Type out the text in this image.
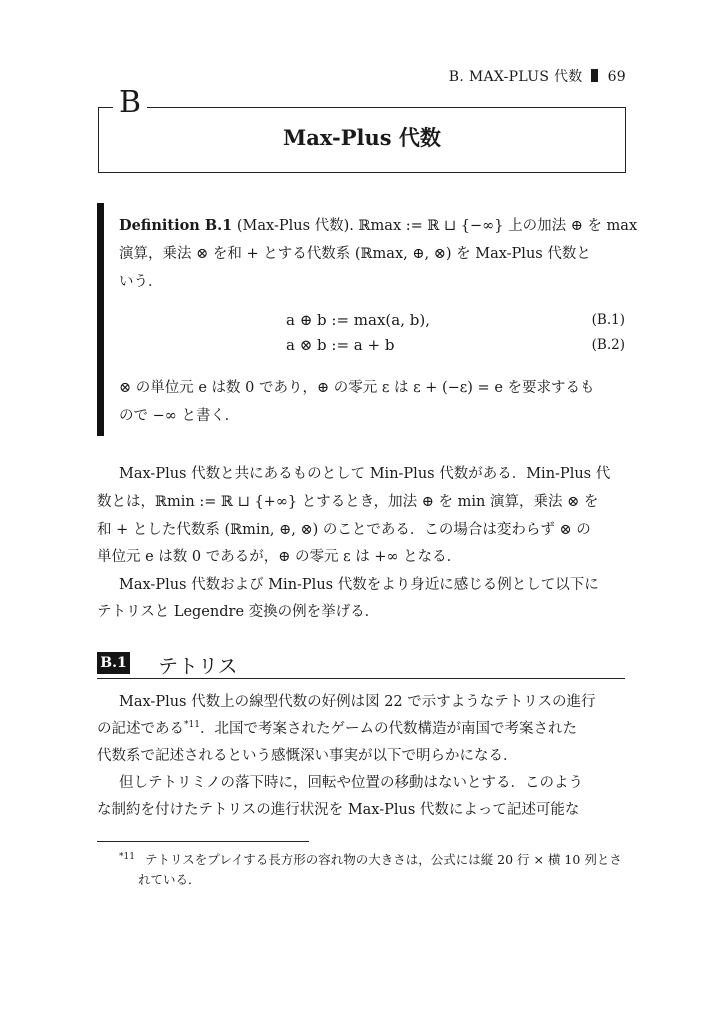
B. MAX-PLUS 代数 69
B
Max-Plus 代数
Definition B.1 (Max-Plus 代数). ℝmax := ℝ ⊔ {−∞} 上の加法 ⊕ を max
演算，乗法 ⊗ を和 + とする代数系 (ℝmax, ⊕, ⊗) を Max-Plus 代数と
いう．
a ⊕ b := max(a, b),	(B.1)
a ⊗ b := a + b	(B.2)
⊗ の単位元 e は数 0 であり，⊕ の零元 ε は ε + (−ε) = e を要求するも
ので −∞ と書く．
Max-Plus 代数と共にあるものとして Min-Plus 代数がある．Min-Plus 代
数とは，ℝmin := ℝ ⊔ {+∞} とするとき，加法 ⊕ を min 演算，乗法 ⊗ を
和 + とした代数系 (ℝmin, ⊕, ⊗) のことである．この場合は変わらず ⊗ の
単位元 e は数 0 であるが，⊕ の零元 ε は +∞ となる．
Max-Plus 代数および Min-Plus 代数をより身近に感じる例として以下に
テトリスと Legendre 変換の例を挙げる．
B.1 テトリス
Max-Plus 代数上の線型代数の好例は図 22 で示すようなテトリスの進行
の記述である$^{*11}$．北国で考案されたゲームの代数構造が南国で考案された
代数系で記述されるという感慨深い事実が以下で明らかになる．
但しテトリミノの落下時に，回転や位置の移動はないとする．このよう
な制約を付けたテトリスの進行状況を Max-Plus 代数によって記述可能な
$^{*11}$ テトリスをプレイする長方形の容れ物の大きさは，公式には縦 20 行 × 横 10 列とさ
れている．
